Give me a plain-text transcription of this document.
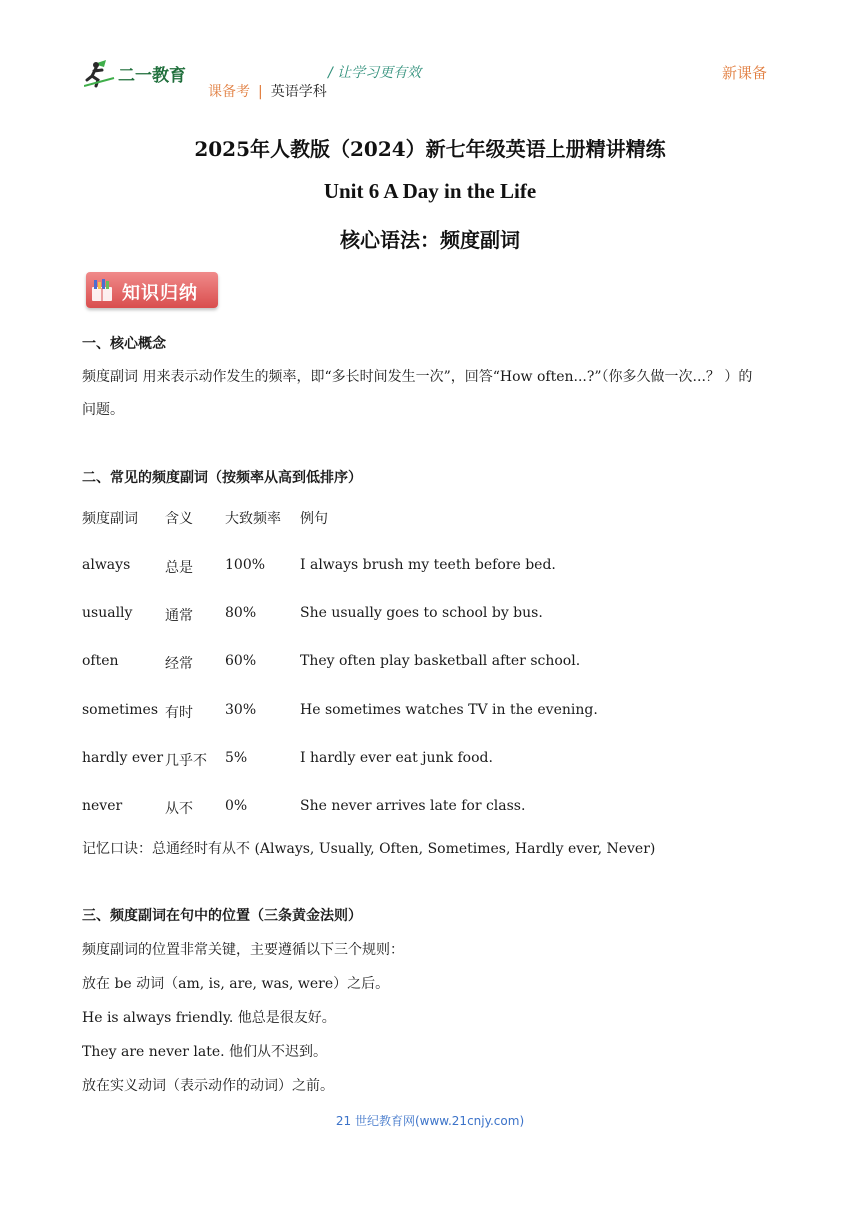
二一教育	/ 让学习更有效
课备考 | 英语学科
新课备
2025年人教版（2024）新七年级英语上册精讲精练
Unit 6 A Day in the Life
核心语法：频度副词
知识归纳
一、核心概念
频度副词 用来表示动作发生的频率，即“多长时间发生一次”，回答“How often...?”（你多久做一次...？ ）的
问题。
二、常见的频度副词（按频率从高到低排序）
频度副词 含义 大致频率 例句
always 总是 100% I always brush my teeth before bed.
usually 通常 80%	She usually goes to school by bus.
often	经常 60%	They often play basketball after school.
sometimes 有时 30%	He sometimes watches TV in the evening.
hardly ever 几乎不 5%	I hardly ever eat junk food.
never	从不 0%	She never arrives late for class.
记忆口诀：总通经时有从不 (Always, Usually, Often, Sometimes, Hardly ever, Never)
三、频度副词在句中的位置（三条黄金法则）
频度副词的位置非常关键，主要遵循以下三个规则：
放在 be 动词（am, is, are, was, were）之后。
He is always friendly. 他总是很友好。
They are never late. 他们从不迟到。
放在实义动词（表示动作的动词）之前。
21 世纪教育网(www.21cnjy.com)
